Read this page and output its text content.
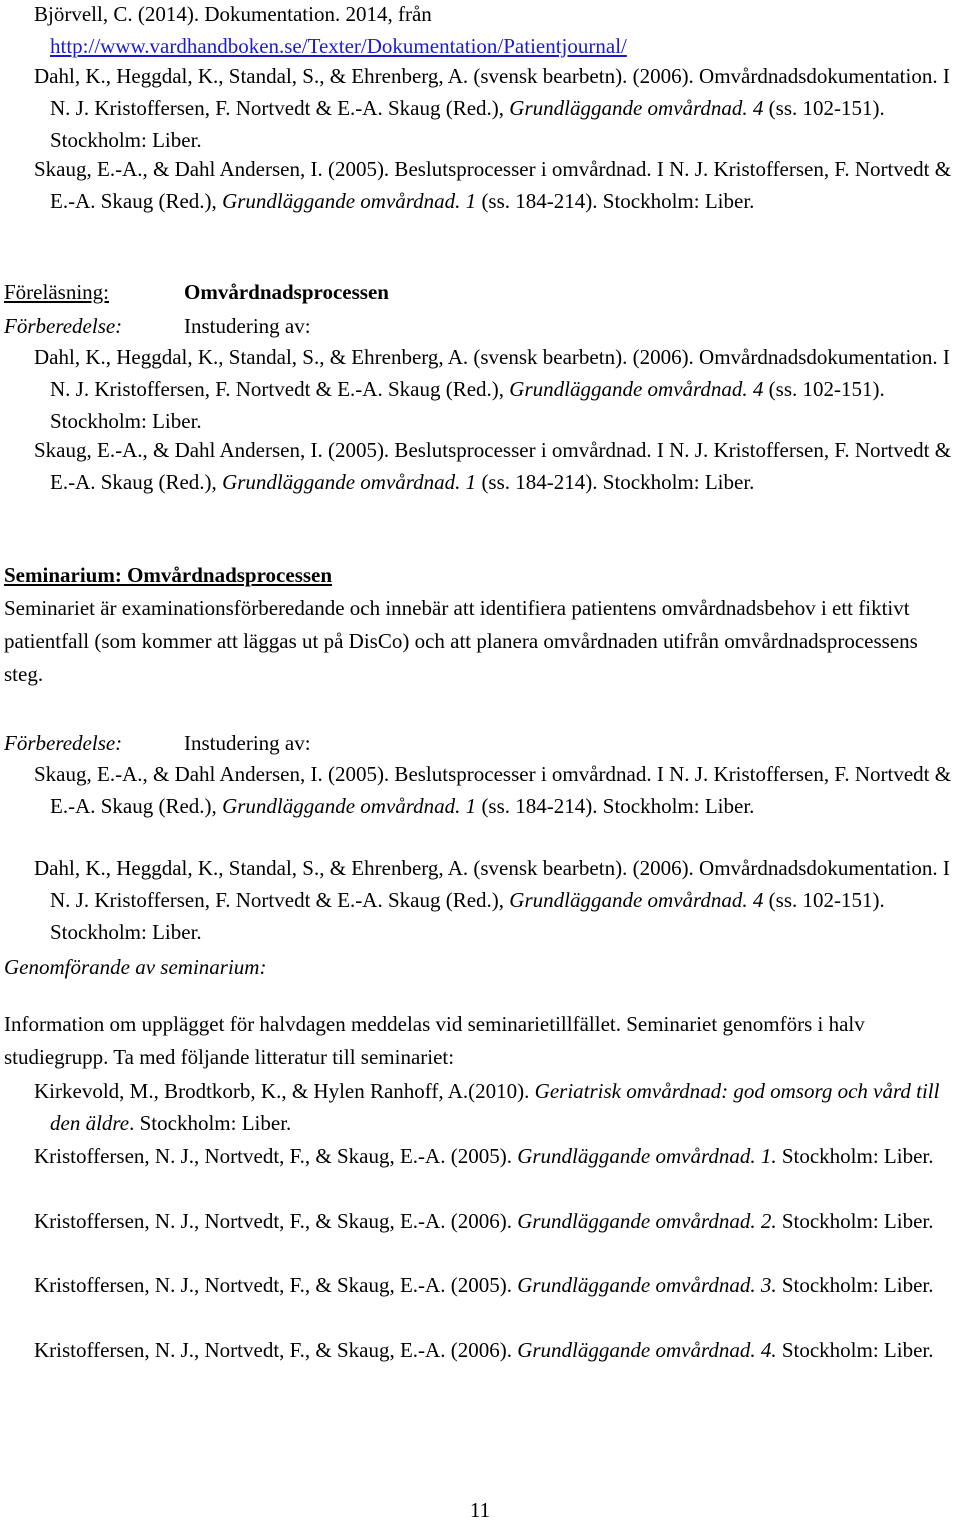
Björvell, C. (2014). Dokumentation. 2014, från http://www.vardhandboken.se/Texter/Dokumentation/Patientjournal/
Dahl, K., Heggdal, K., Standal, S., & Ehrenberg, A. (svensk bearbetn). (2006). Omvårdnadsdokumentation. I N. J. Kristoffersen, F. Nortvedt & E.-A. Skaug (Red.), Grundläggande omvårdnad. 4 (ss. 102-151). Stockholm: Liber.
Skaug, E.-A., & Dahl Andersen, I. (2005). Beslutsprocesser i omvårdnad. I N. J. Kristoffersen, F. Nortvedt & E.-A. Skaug (Red.), Grundläggande omvårdnad. 1 (ss. 184-214). Stockholm: Liber.
Föreläsning:	Omvårdnadsprocessen
Förberedelse:	Instudering av:
Dahl, K., Heggdal, K., Standal, S., & Ehrenberg, A. (svensk bearbetn). (2006). Omvårdnadsdokumentation. I N. J. Kristoffersen, F. Nortvedt & E.-A. Skaug (Red.), Grundläggande omvårdnad. 4 (ss. 102-151). Stockholm: Liber.
Skaug, E.-A., & Dahl Andersen, I. (2005). Beslutsprocesser i omvårdnad. I N. J. Kristoffersen, F. Nortvedt & E.-A. Skaug (Red.), Grundläggande omvårdnad. 1 (ss. 184-214). Stockholm: Liber.
Seminarium: Omvårdnadsprocessen
Seminariet är examinationsförberedande och innebär att identifiera patientens omvårdnadsbehov i ett fiktivt patientfall (som kommer att läggas ut på DisCo) och att planera omvårdnaden utifrån omvårdnadsprocessens steg.
Förberedelse:	Instudering av:
Skaug, E.-A., & Dahl Andersen, I. (2005). Beslutsprocesser i omvårdnad. I N. J. Kristoffersen, F. Nortvedt & E.-A. Skaug (Red.), Grundläggande omvårdnad. 1 (ss. 184-214). Stockholm: Liber.
Dahl, K., Heggdal, K., Standal, S., & Ehrenberg, A. (svensk bearbetn). (2006). Omvårdnadsdokumentation. I N. J. Kristoffersen, F. Nortvedt & E.-A. Skaug (Red.), Grundläggande omvårdnad. 4 (ss. 102-151). Stockholm: Liber.
Genomförande av seminarium:
Information om upplägget för halvdagen meddelas vid seminarietillfället. Seminariet genomförs i halv studiegrupp. Ta med följande litteratur till seminariet:
Kirkevold, M., Brodtkorb, K., & Hylen Ranhoff, A.(2010). Geriatrisk omvårdnad: god omsorg och vård till den äldre. Stockholm: Liber.
Kristoffersen, N. J., Nortvedt, F., & Skaug, E.-A. (2005). Grundläggande omvårdnad. 1. Stockholm: Liber.
Kristoffersen, N. J., Nortvedt, F., & Skaug, E.-A. (2006). Grundläggande omvårdnad. 2. Stockholm: Liber.
Kristoffersen, N. J., Nortvedt, F., & Skaug, E.-A. (2005). Grundläggande omvårdnad. 3. Stockholm: Liber.
Kristoffersen, N. J., Nortvedt, F., & Skaug, E.-A. (2006). Grundläggande omvårdnad. 4. Stockholm: Liber.
11
